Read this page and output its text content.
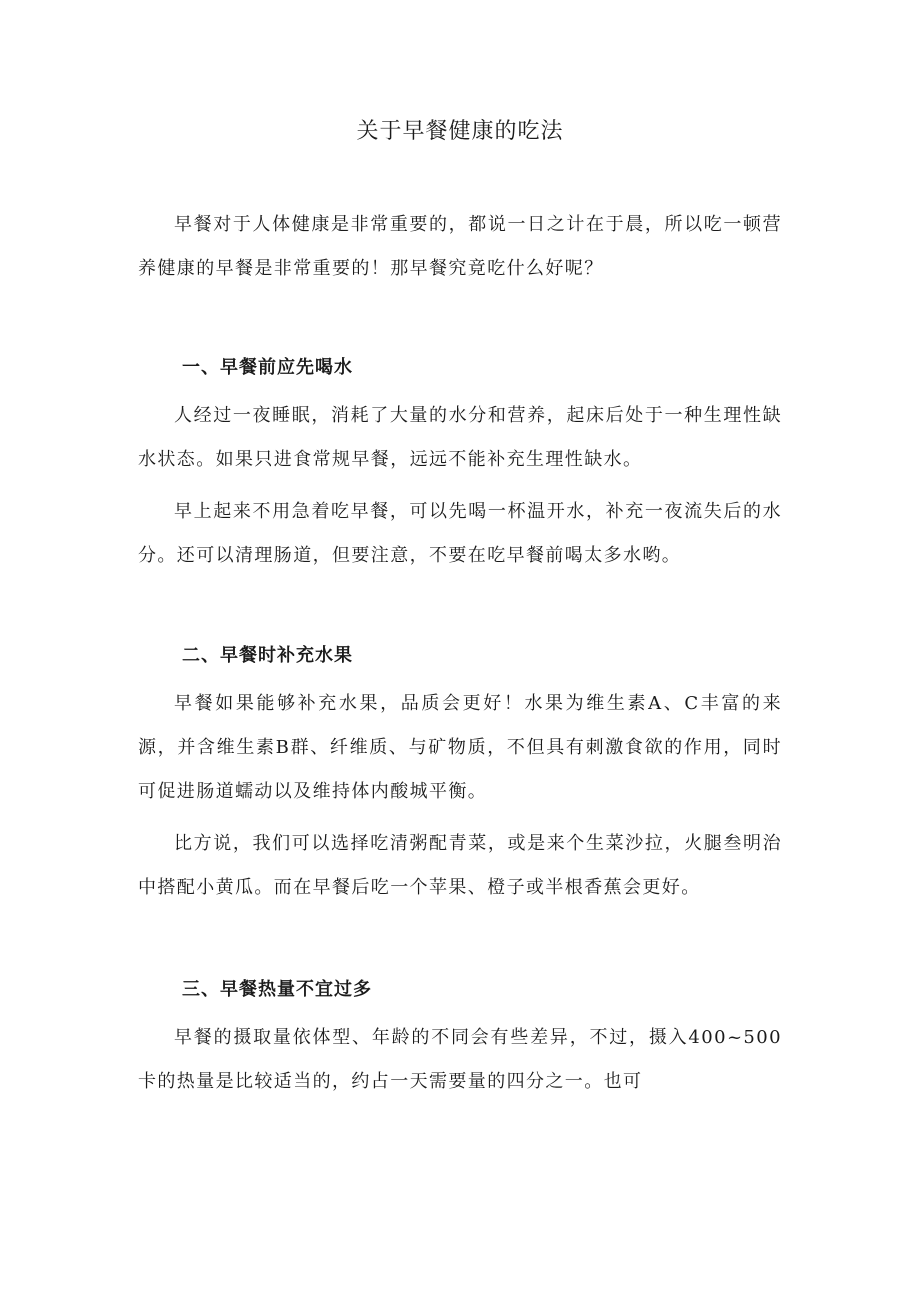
关于早餐健康的吃法

早餐对于人体健康是非常重要的，都说一日之计在于晨，所以吃一顿营养健康的早餐是非常重要的！那早餐究竟吃什么好呢？

一、早餐前应先喝水

人经过一夜睡眠，消耗了大量的水分和营养，起床后处于一种生理性缺水状态。如果只进食常规早餐，远远不能补充生理性缺水。

早上起来不用急着吃早餐，可以先喝一杯温开水，补充一夜流失后的水分。还可以清理肠道，但要注意，不要在吃早餐前喝太多水哟。

二、早餐时补充水果

早餐如果能够补充水果，品质会更好！水果为维生素A、C丰富的来源，并含维生素B群、纤维质、与矿物质，不但具有刺激食欲的作用，同时可促进肠道蠕动以及维持体内酸城平衡。

比方说，我们可以选择吃清粥配青菜，或是来个生菜沙拉，火腿叁明治中搭配小黄瓜。而在早餐后吃一个苹果、橙子或半根香蕉会更好。

三、早餐热量不宜过多

早餐的摄取量依体型、年龄的不同会有些差异，不过，摄入400~500卡的热量是比较适当的，约占一天需要量的四分之一。也可
